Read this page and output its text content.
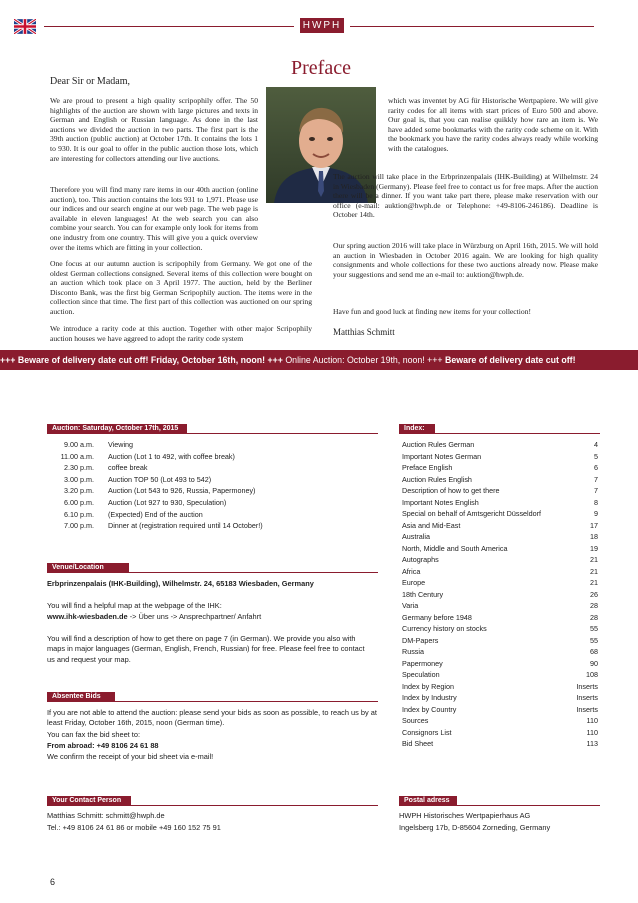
HWPH
Preface
Dear Sir or Madam,

We are proud to present a high quality scripophily offer. The 50 highlights of the auction are shown with large pictures and texts in German and English or Russian language. As done in the last auctions we divided the auction in two parts. The first part is the 39th auction (public auction) at October 17th. It contains the lots 1 to 930. It is our goal to offer in the public auction those lots, which are interesting for collectors attending our live auctions.

Therefore you will find many rare items in our 40th auction (online auction), too. This auction contains the lots 931 to 1,971. Please use our indices and our search engine at our web page. The web page is available in eleven languages! At the web search you can also combine your search. You can for example only look for items from one industry from one country. This will give you a quick overview over the items which are fitting in your collection.

One focus at our autumn auction is scripophily from Germany. We got one of the oldest German collections consigned. Several items of this collection were bought on an auction which took place on 3 April 1977. The auction, held by the Berliner Disconto Bank, was the first big German Scripophily auction. The items were in the collection since that time. The first part of this collection was auctioned on our spring auction.

We introduce a rarity code at this auction. Together with other major Scripophily auction houses we have aggreed to adopt the rarity code system

which was inventet by AG für Historische Wertpapiere. We will give rarity codes for all items with start prices of Euro 500 and above. Our goal is, that you can realise quikkly how rare an item is. We have added some bookmarks with the rarity code scheme on it. With the bookmark you have the rarity codes always ready while working with the catalogues.

The auction will take place in the Erbprinzenpalais (IHK-Building) at Wilhelmstr. 24 in Wiesbaden (Germany). Please feel free to contact us for free maps. After the auction there will be a dinner. If you want take part there, please make reservation with our office (e-mail: auktion@hwph.de or Telephone: +49-8106-246186). Deadline is October 14th.

Our spring auction 2016 will take place in Würzburg on April 16th, 2015. We will hold an auction in Wiesbaden in October 2016 again. We are looking for high quality consignments and whole collections for these two auctions already now. Please make your suggestions and send me an e-mail to: auktion@hwph.de.

Have fun and good luck at finding new items for your collection!

Matthias Schmitt
+++ Beware of delivery date cut off! Friday, October 16th, noon! +++ Online Auction: October 19th, noon! +++ Beware of delivery date cut off!
Auction: Saturday, October 17th, 2015
9.00 a.m. Viewing
11.00 a.m. Auction (Lot 1 to 492, with coffee break)
2.30 p.m. coffee break
3.00 p.m. Auction TOP 50 (Lot 493 to 542)
3.20 p.m. Auction (Lot 543 to 926, Russia, Papermoney)
6.00 p.m. Auction (Lot 927 to 930, Speculation)
6.10 p.m. (Expected) End of the auction
7.00 p.m. Dinner at (registration required until 14 October!)
Venue/Location
Erbprinzenpalais (IHK-Building), Wilhelmstr. 24, 65183 Wiesbaden, Germany
You will find a helpful map at the webpage of the IHK:
www.ihk-wiesbaden.de -> Über uns -> Ansprechpartner/ Anfahrt
You will find a description of how to get there on page 7 (in German). We provide you also with maps in major languages (German, English, French, Russian) for free. Please feel free to contact us and request your map.
Absentee Bids
If you are not able to attend the auction: please send your bids as soon as possible, to reach us by at least Friday, October 16th, 2015, noon (German time).
You can fax the bid sheet to:
From abroad: +49 8106 24 61 88
We confirm the receipt of your bid sheet via e-mail!
Index:
Auction Rules German	4
Important Notes German	5
Preface English	6
Auction Rules English	7
Description of how to get there	7
Important Notes English	8
Special on behalf of Amtsgericht Düsseldorf	9
Asia and Mid-East	17
Australia	18
North, Middle and South America	19
Autographs	21
Africa	21
Europe	21
18th Century	26
Varia	28
Germany before 1948	28
Currency history on stocks	55
DM-Papers	55
Russia	68
Papermoney	90
Speculation	108
Index by Region	Inserts
Index by Industry	Inserts
Index by Country	Inserts
Sources	110
Consignors List	110
Bid Sheet	113
Your Contact Person
Matthias Schmitt: schmitt@hwph.de
Tel.: +49 8106 24 61 86 or mobile +49 160 152 75 91
Postal adress
HWPH Historisches Wertpapierhaus AG
Ingelsberg 17b, D-85604 Zorneding, Germany
6
